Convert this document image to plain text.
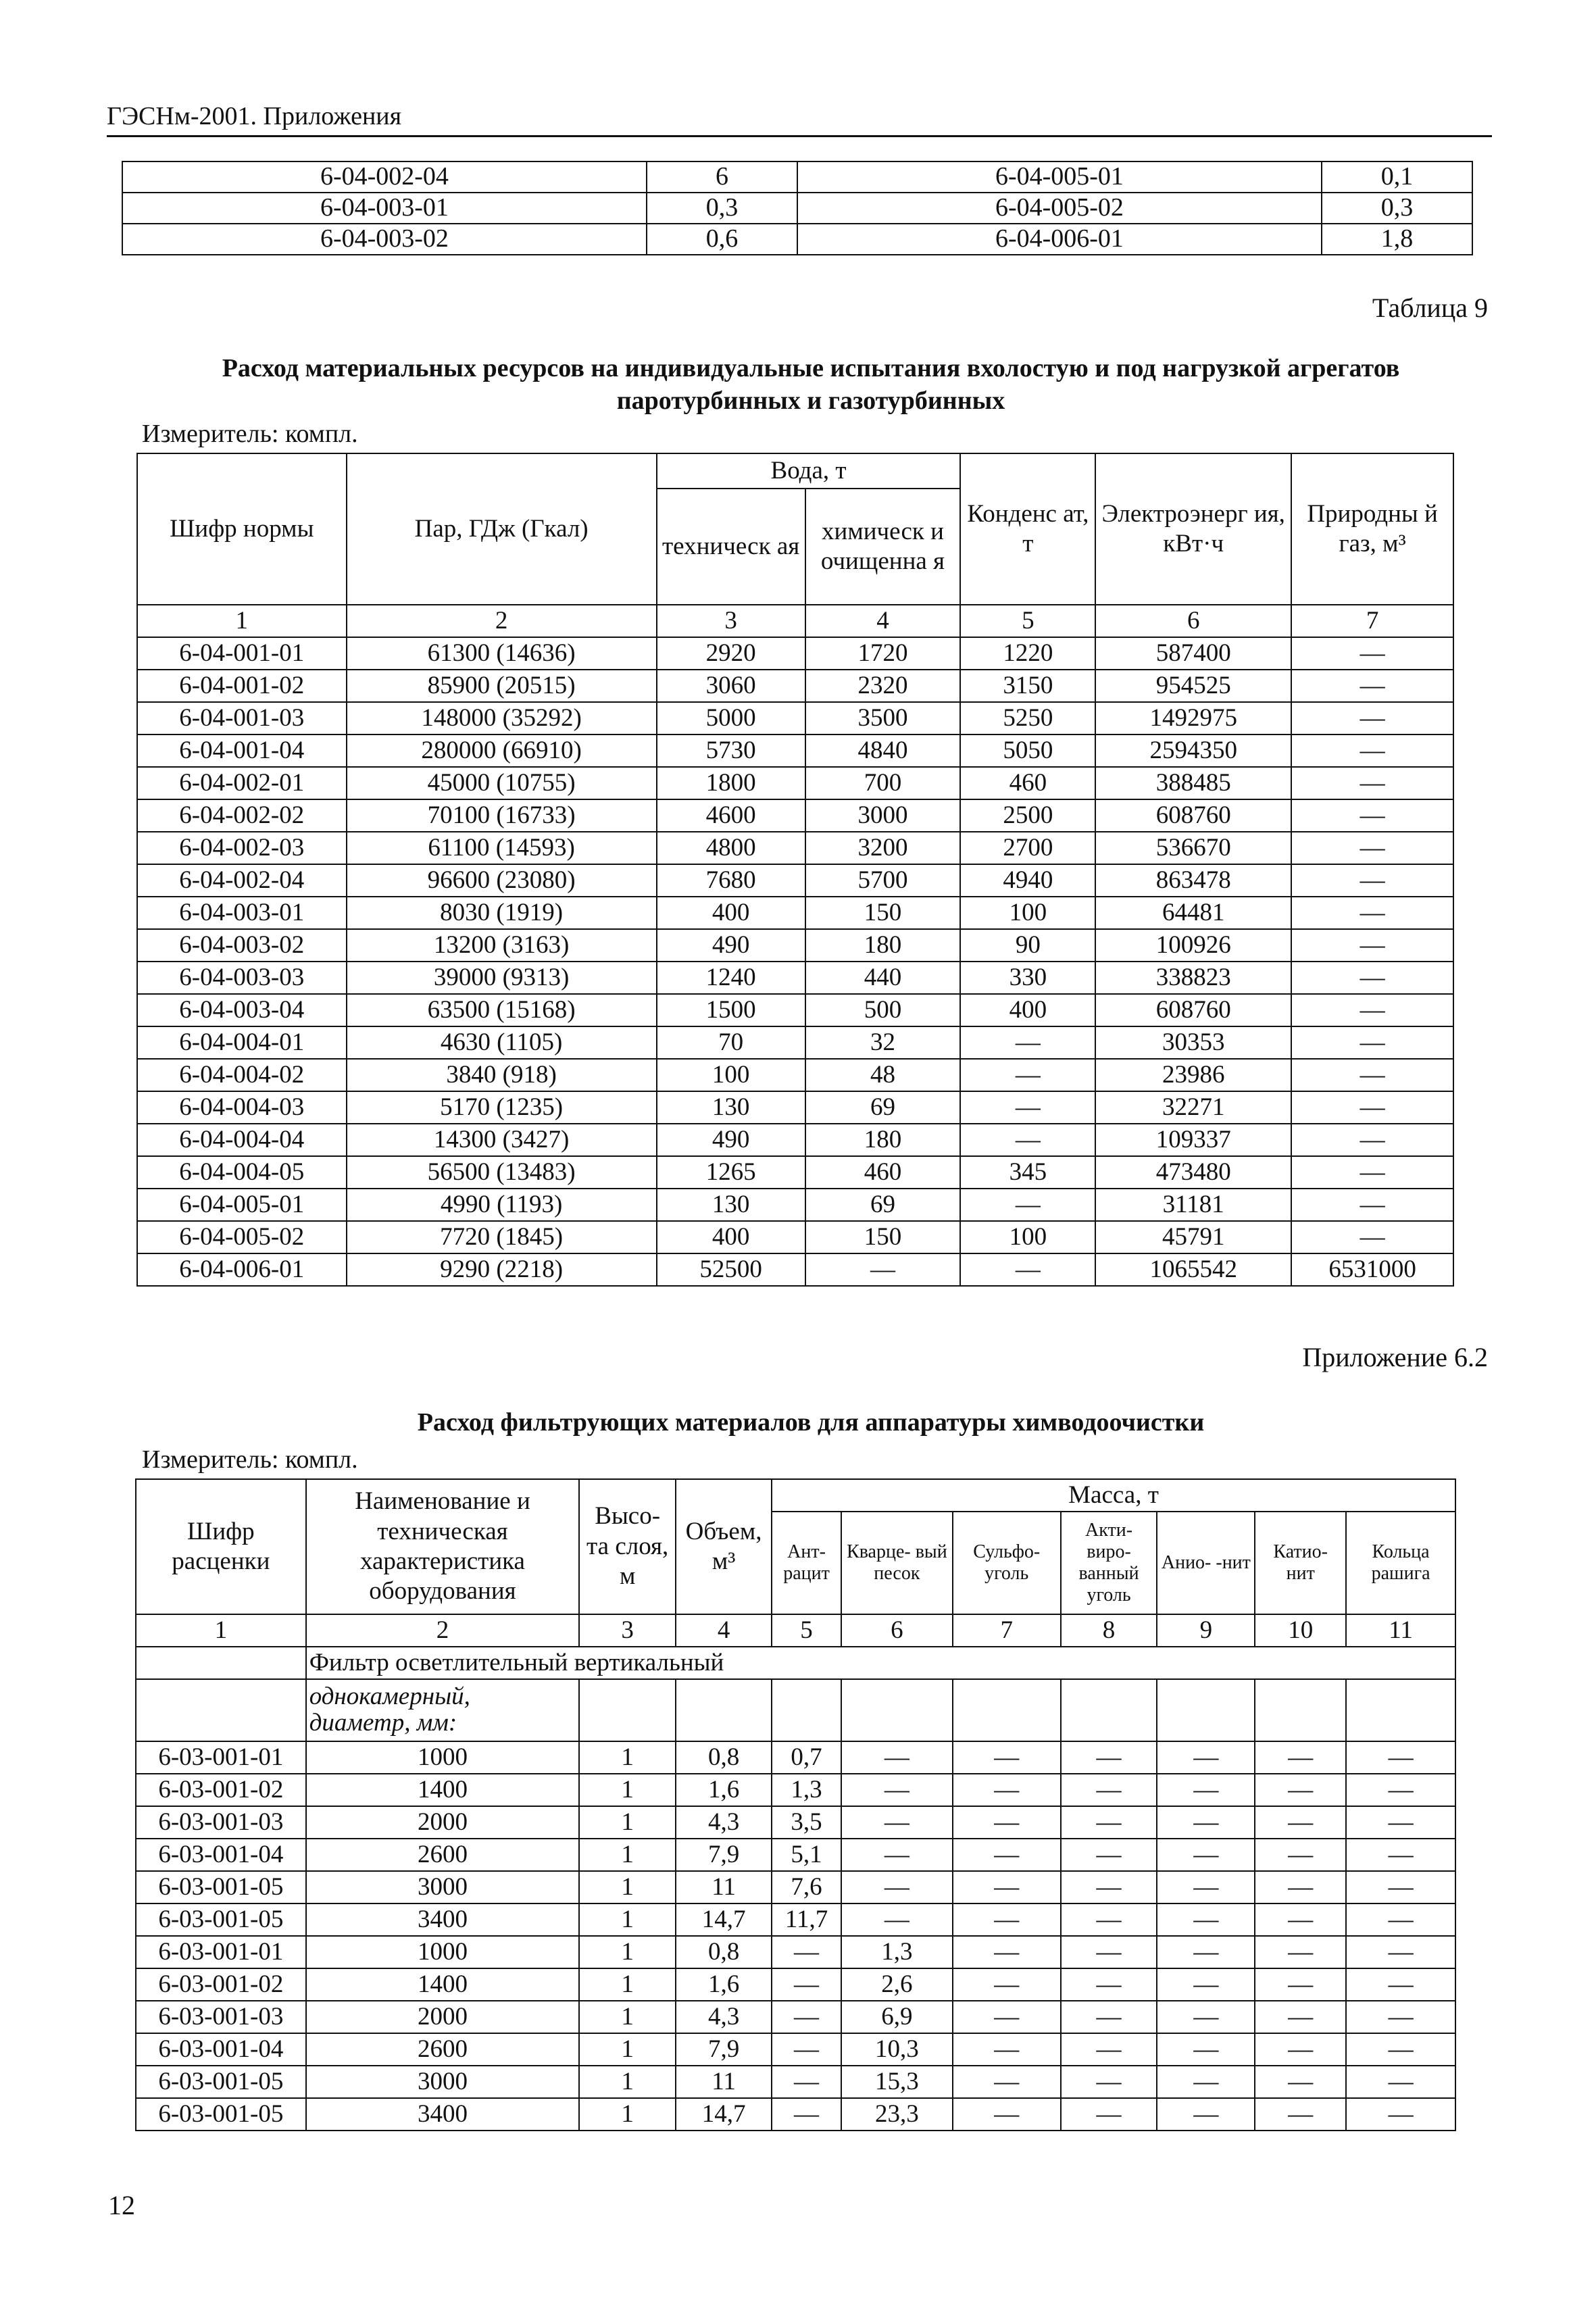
ГЭСНм-2001. Приложения
6-04-002-04	6	6-04-005-01	0,1
6-04-003-01	0,3	6-04-005-02	0,3
6-04-003-02	0,6	6-04-006-01	1,8
Таблица 9
Расход материальных ресурсов на индивидуальные испытания вхолостую и под нагрузкой агрегатов паротурбинных и газотурбинных
Измеритель: компл.
Шифр нормы	Пар, ГДж (Гкал)	Вода, т		Конденс ат, т	Электроэнерг ия, кВт·ч	Природны й газ, м³
		техническ ая	химическ и очищенна я			
1	2	3	4	5	6	7
6-04-001-01	61300 (14636)	2920	1720	1220	587400	—
6-04-001-02	85900 (20515)	3060	2320	3150	954525	—
6-04-001-03	148000 (35292)	5000	3500	5250	1492975	—
6-04-001-04	280000 (66910)	5730	4840	5050	2594350	—
6-04-002-01	45000 (10755)	1800	700	460	388485	—
6-04-002-02	70100 (16733)	4600	3000	2500	608760	—
6-04-002-03	61100 (14593)	4800	3200	2700	536670	—
6-04-002-04	96600 (23080)	7680	5700	4940	863478	—
6-04-003-01	8030 (1919)	400	150	100	64481	—
6-04-003-02	13200 (3163)	490	180	90	100926	—
6-04-003-03	39000 (9313)	1240	440	330	338823	—
6-04-003-04	63500 (15168)	1500	500	400	608760	—
6-04-004-01	4630 (1105)	70	32	—	30353	—
6-04-004-02	3840 (918)	100	48	—	23986	—
6-04-004-03	5170 (1235)	130	69	—	32271	—
6-04-004-04	14300 (3427)	490	180	—	109337	—
6-04-004-05	56500 (13483)	1265	460	345	473480	—
6-04-005-01	4990 (1193)	130	69	—	31181	—
6-04-005-02	7720 (1845)	400	150	100	45791	—
6-04-006-01	9290 (2218)	52500	—	—	1065542	6531000
Приложение 6.2
Расход фильтрующих материалов для аппаратуры химводоочистки
Измеритель: компл.
Шифр расценки	Наименование и техническая характеристика оборудования	Высо- та слоя, м	Объем, м³	Масса, т						
				Ант- рацит	Кварце- вый песок	Сульфо- уголь	Акти- виро- ванный уголь	Анио- -нит	Катио- нит	Кольца рашига
1	2	3	4	5	6	7	8	9	10	11
	Фильтр осветлительный вертикальный									
	однокамерный, диаметр, мм:									
6-03-001-01	1000	1	0,8	0,7	—	—	—	—	—	—
6-03-001-02	1400	1	1,6	1,3	—	—	—	—	—	—
6-03-001-03	2000	1	4,3	3,5	—	—	—	—	—	—
6-03-001-04	2600	1	7,9	5,1	—	—	—	—	—	—
6-03-001-05	3000	1	11	7,6	—	—	—	—	—	—
6-03-001-05	3400	1	14,7	11,7	—	—	—	—	—	—
6-03-001-01	1000	1	0,8	—	1,3	—	—	—	—	—
6-03-001-02	1400	1	1,6	—	2,6	—	—	—	—	—
6-03-001-03	2000	1	4,3	—	6,9	—	—	—	—	—
6-03-001-04	2600	1	7,9	—	10,3	—	—	—	—	—
6-03-001-05	3000	1	11	—	15,3	—	—	—	—	—
6-03-001-05	3400	1	14,7	—	23,3	—	—	—	—	—
12
